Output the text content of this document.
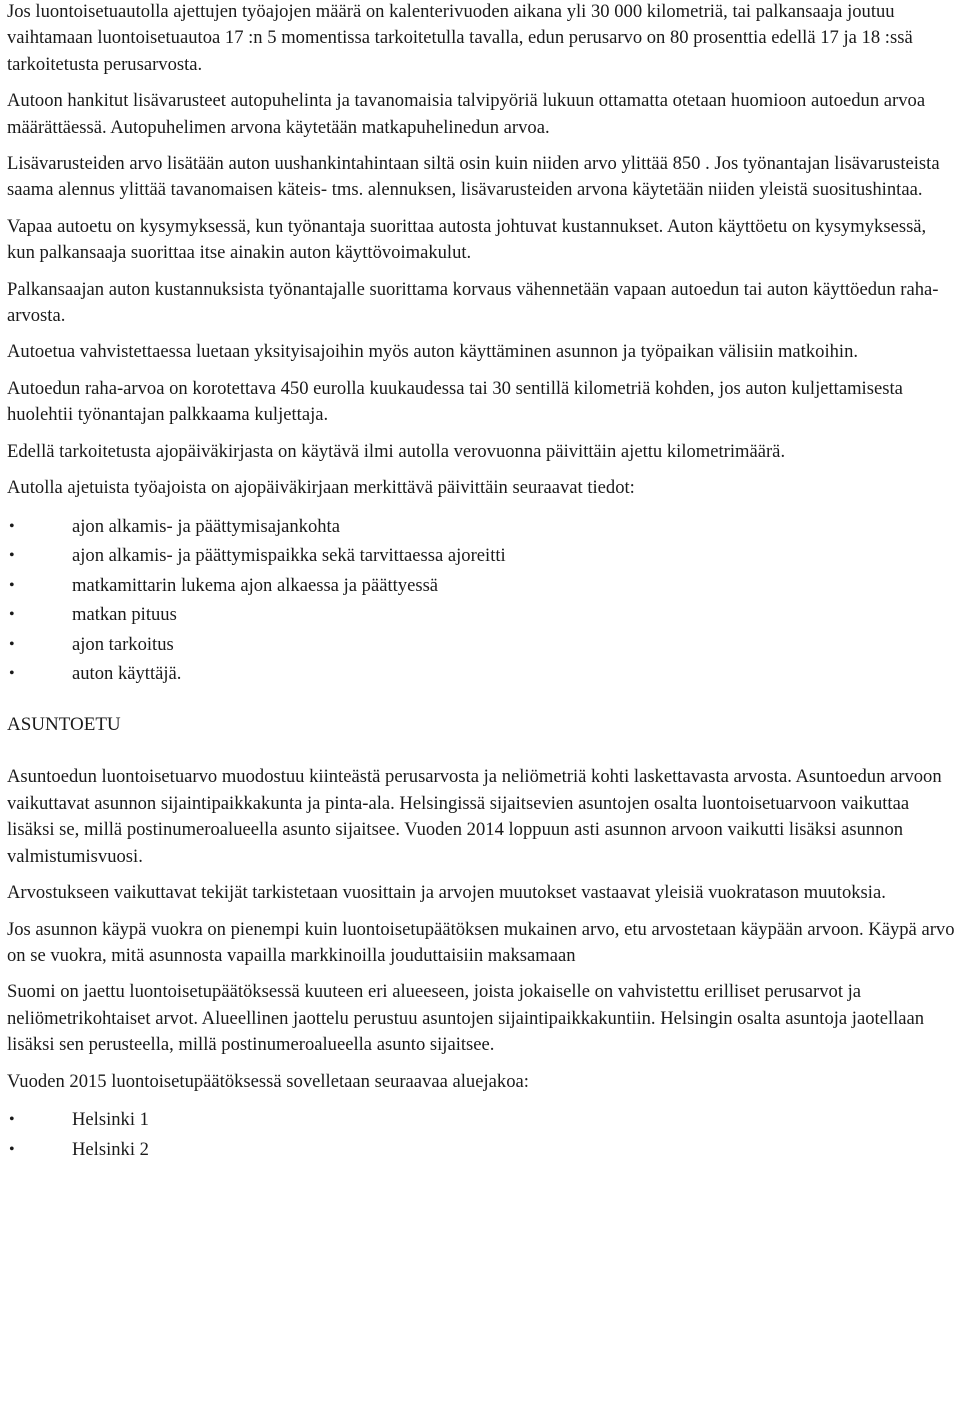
Jos luontoisetuautolla ajettujen työajojen määrä on kalenterivuoden aikana yli 30 000 kilometriä, tai palkansaaja joutuu vaihtamaan luontoisetuautoa 17 :n 5 momentissa tarkoitetulla tavalla, edun perusarvo on 80 prosenttia edellä 17 ja 18 :ssä tarkoitetusta perusarvosta.

Autoon hankitut lisävarusteet autopuhelinta ja tavanomaisia talvipyöriä lukuun ottamatta otetaan huomioon autoedun arvoa määrättäessä. Autopuhelimen arvona käytetään matkapuhelinedun arvoa.

Lisävarusteiden arvo lisätään auton uushankintahintaan siltä osin kuin niiden arvo ylittää 850 . Jos työnantajan lisävarusteista saama alennus ylittää tavanomaisen käteis- tms. alennuksen, lisävarusteiden arvona käytetään niiden yleistä suositushintaa.

Vapaa autoetu on kysymyksessä, kun työnantaja suorittaa autosta johtuvat kustannukset. Auton käyttöetu on kysymyksessä, kun palkansaaja suorittaa itse ainakin auton käyttövoimakulut.

Palkansaajan auton kustannuksista työnantajalle suorittama korvaus vähennetään vapaan autoedun tai auton käyttöedun raha-arvosta.

Autoetua vahvistettaessa luetaan yksityisajoihin myös auton käyttäminen asunnon ja työpaikan välisiin matkoihin.

Autoedun raha-arvoa on korotettava 450 eurolla kuukaudessa tai 30 sentillä kilometriä kohden, jos auton kuljettamisesta huolehtii työnantajan palkkaama kuljettaja.

Edellä tarkoitetusta ajopäiväkirjasta on käytävä ilmi autolla verovuonna päivittäin ajettu kilometrimäärä.

Autolla ajetuista työajoista on ajopäiväkirjaan merkittävä päivittäin seuraavat tiedot:

•	ajon alkamis- ja päättymisajankohta
•	ajon alkamis- ja päättymispaikka sekä tarvittaessa ajoreitti
•	matkamittarin lukema ajon alkaessa ja päättyessä
•	matkan pituus
•	ajon tarkoitus
•	auton käyttäjä.

ASUNTOETU

Asuntoedun luontoisetuarvo muodostuu kiinteästä perusarvosta ja neliömetriä kohti laskettavasta arvosta. Asuntoedun arvoon vaikuttavat asunnon sijaintipaikkakunta ja pinta-ala. Helsingissä sijaitsevien asuntojen osalta luontoisetuarvoon vaikuttaa lisäksi se, millä postinumeroalueella asunto sijaitsee. Vuoden 2014 loppuun asti asunnon arvoon vaikutti lisäksi asunnon valmistumisvuosi.

Arvostukseen vaikuttavat tekijät tarkistetaan vuosittain ja arvojen muutokset vastaavat yleisiä vuokratason muutoksia.

Jos asunnon käypä vuokra on pienempi kuin luontoisetupäätöksen mukainen arvo, etu arvostetaan käypään arvoon. Käypä arvo on se vuokra, mitä asunnosta vapailla markkinoilla jouduttaisiin maksamaan

Suomi on jaettu luontoisetupäätöksessä kuuteen eri alueeseen, joista jokaiselle on vahvistettu erilliset perusarvot ja neliömetrikohtaiset arvot. Alueellinen jaottelu perustuu asuntojen sijaintipaikkakuntiin. Helsingin osalta asuntoja jaotellaan lisäksi sen perusteella, millä postinumeroalueella asunto sijaitsee.

Vuoden 2015 luontoisetupäätöksessä sovelletaan seuraavaa aluejakoa:

•	Helsinki 1
•	Helsinki 2
